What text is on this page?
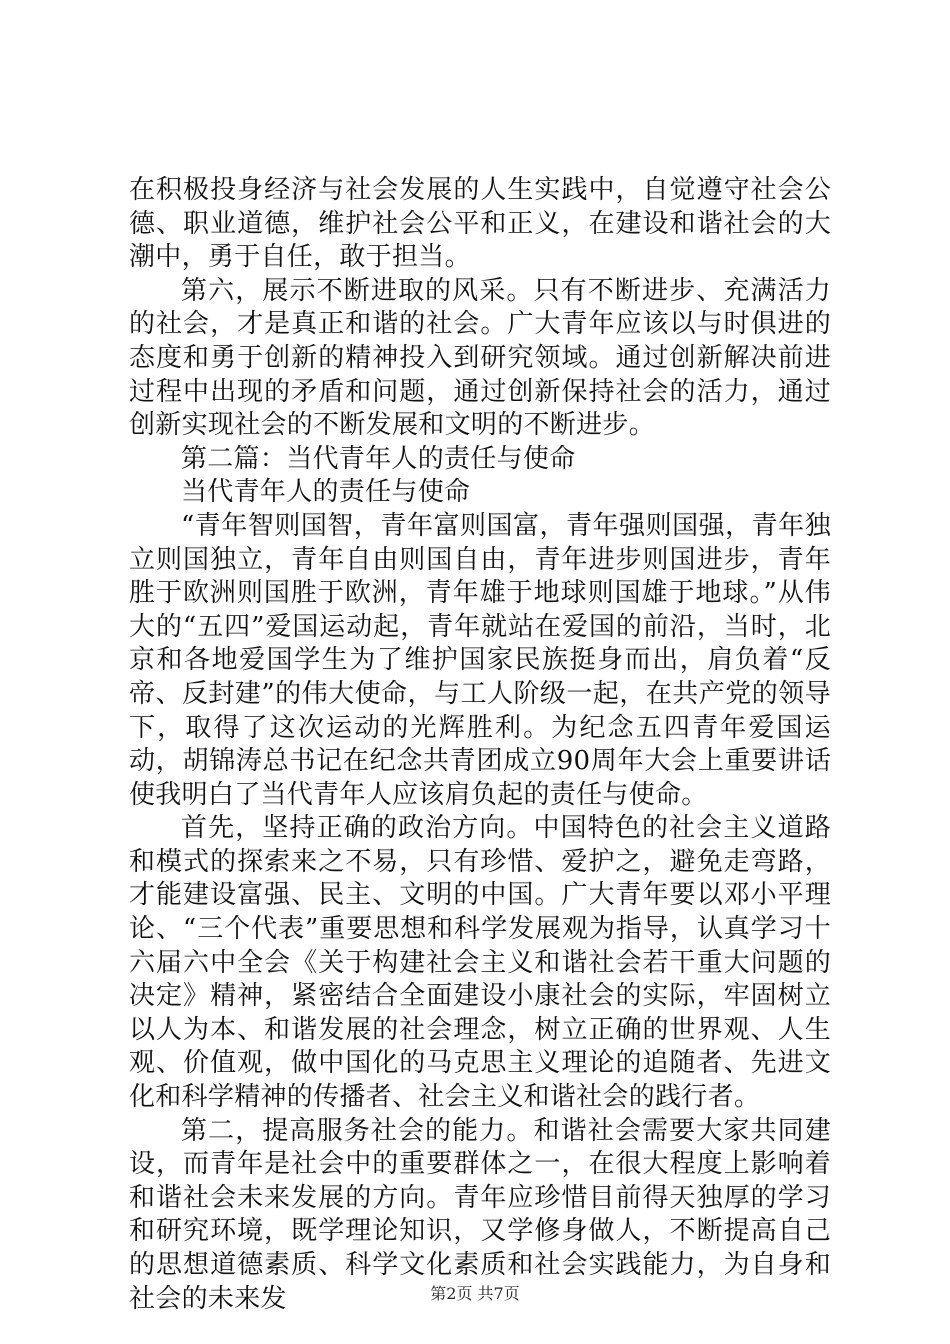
在积极投身经济与社会发展的人生实践中，自觉遵守社会公德、职业道德，维护社会公平和正义，在建设和谐社会的大潮中，勇于自任，敢于担当。

第六，展示不断进取的风采。只有不断进步、充满活力的社会，才是真正和谐的社会。广大青年应该以与时俱进的态度和勇于创新的精神投入到研究领域。通过创新解决前进过程中出现的矛盾和问题，通过创新保持社会的活力，通过创新实现社会的不断发展和文明的不断进步。

第二篇：当代青年人的责任与使命

当代青年人的责任与使命

“青年智则国智，青年富则国富，青年强则国强，青年独立则国独立，青年自由则国自由，青年进步则国进步，青年胜于欧洲则国胜于欧洲，青年雄于地球则国雄于地球。”从伟大的“五四”爱国运动起，青年就站在爱国的前沿，当时，北京和各地爱国学生为了维护国家民族挺身而出，肩负着“反帝、反封建”的伟大使命，与工人阶级一起，在共产党的领导下，取得了这次运动的光辉胜利。为纪念五四青年爱国运动，胡锦涛总书记在纪念共青团成立90周年大会上重要讲话使我明白了当代青年人应该肩负起的责任与使命。

首先，坚持正确的政治方向。中国特色的社会主义道路和模式的探索来之不易，只有珍惜、爱护之，避免走弯路，才能建设富强、民主、文明的中国。广大青年要以邓小平理论、“三个代表”重要思想和科学发展观为指导，认真学习十六届六中全会《关于构建社会主义和谐社会若干重大问题的决定》精神，紧密结合全面建设小康社会的实际，牢固树立以人为本、和谐发展的社会理念，树立正确的世界观、人生观、价值观，做中国化的马克思主义理论的追随者、先进文化和科学精神的传播者、社会主义和谐社会的践行者。

第二，提高服务社会的能力。和谐社会需要大家共同建设，而青年是社会中的重要群体之一，在很大程度上影响着和谐社会未来发展的方向。青年应珍惜目前得天独厚的学习和研究环境，既学理论知识，又学修身做人，不断提高自己的思想道德素质、科学文化素质和社会实践能力，为自身和社会的未来发	第2页 共7页
